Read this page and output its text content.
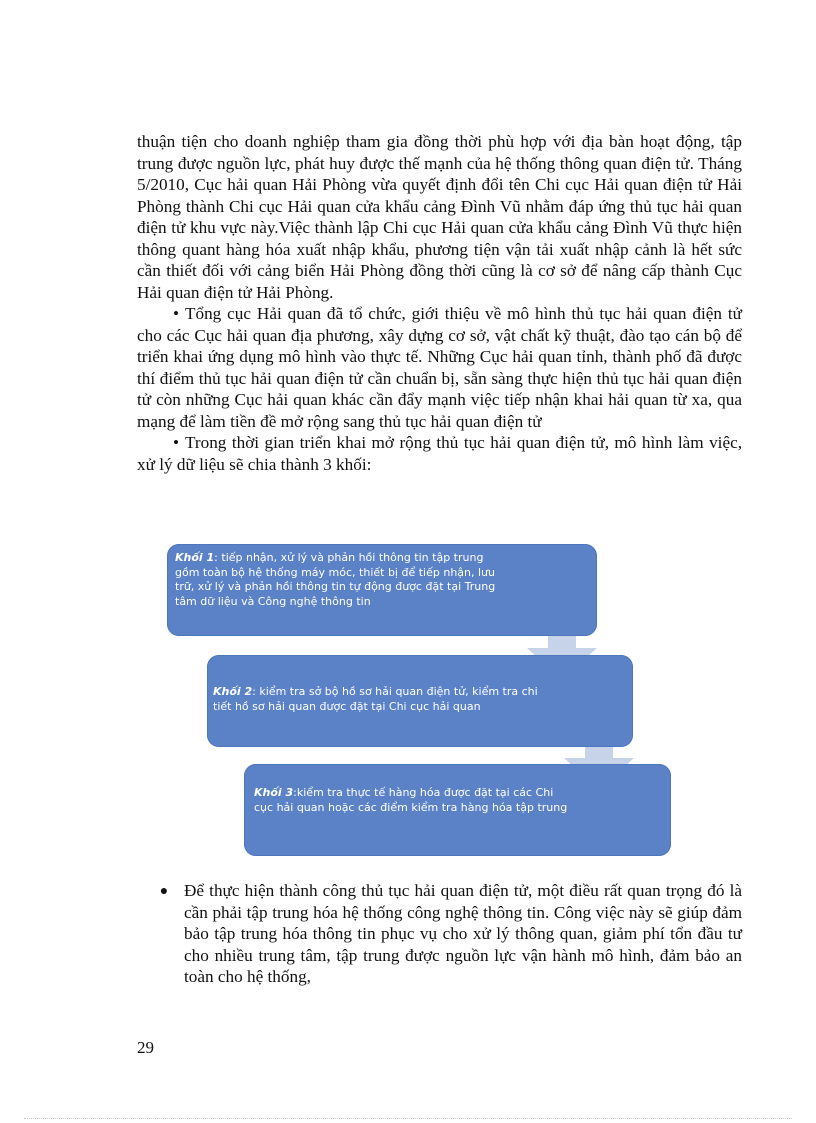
thuận tiện cho doanh nghiệp tham gia đồng thời phù hợp với địa bàn hoạt động, tập trung được nguồn lực, phát huy được thế mạnh của hệ thống thông quan điện tử. Tháng 5/2010, Cục hải quan Hải Phòng vừa quyết định đổi tên Chi cục Hải quan điện tử Hải Phòng thành Chi cục Hải quan cửa khẩu cảng Đình Vũ nhằm đáp ứng thủ tục hải quan điện tử khu vực này.Việc thành lập Chi cục Hải quan cửa khẩu cảng Đình Vũ thực hiện thông quant hàng hóa xuất nhập khẩu, phương tiện vận tải xuất nhập cảnh là hết sức cần thiết đối với cảng biển Hải Phòng đồng thời cũng là cơ sở để nâng cấp thành Cục Hải quan điện tử Hải Phòng.

• Tổng cục Hải quan đã tổ chức, giới thiệu về mô hình thủ tục hải quan điện tử cho các Cục hải quan địa phương, xây dựng cơ sở, vật chất kỹ thuật, đào tạo cán bộ để triển khai ứng dụng mô hình vào thực tế. Những Cục hải quan tỉnh, thành phố đã được thí điểm thủ tục hải quan điện tử cần chuẩn bị, sẵn sàng thực hiện thủ tục hải quan điện tử còn những Cục hải quan khác cần đẩy mạnh việc tiếp nhận khai hải quan từ xa, qua mạng để làm tiền đề mở rộng sang thủ tục hải quan điện tử

• Trong thời gian triển khai mở rộng thủ tục hải quan điện tử, mô hình làm việc, xử lý dữ liệu sẽ chia thành 3 khối:

Khối 1: tiếp nhận, xử lý và phản hồi thông tin tập trung gồm toàn bộ hệ thống máy móc, thiết bị để tiếp nhận, lưu trữ, xử lý và phản hồi thông tin tự động được đặt tại Trung tâm dữ liệu và Công nghệ thông tin
Khối 2: kiểm tra sở bộ hồ sơ hải quan điện tử, kiểm tra chi tiết hồ sơ hải quan được đặt tại Chi cục hải quan
Khối 3:kiểm tra thực tế hàng hóa được đặt tại các Chi cục hải quan hoặc các điểm kiểm tra hàng hóa tập trung
● Để thực hiện thành công thủ tục hải quan điện tử, một điều rất quan trọng đó là cần phải tập trung hóa hệ thống công nghệ thông tin. Công việc này sẽ giúp đảm bảo tập trung hóa thông tin phục vụ cho xử lý thông quan, giảm phí tổn đầu tư cho nhiều trung tâm, tập trung được nguồn lực vận hành mô hình, đảm bảo an toàn cho hệ thống,

29
